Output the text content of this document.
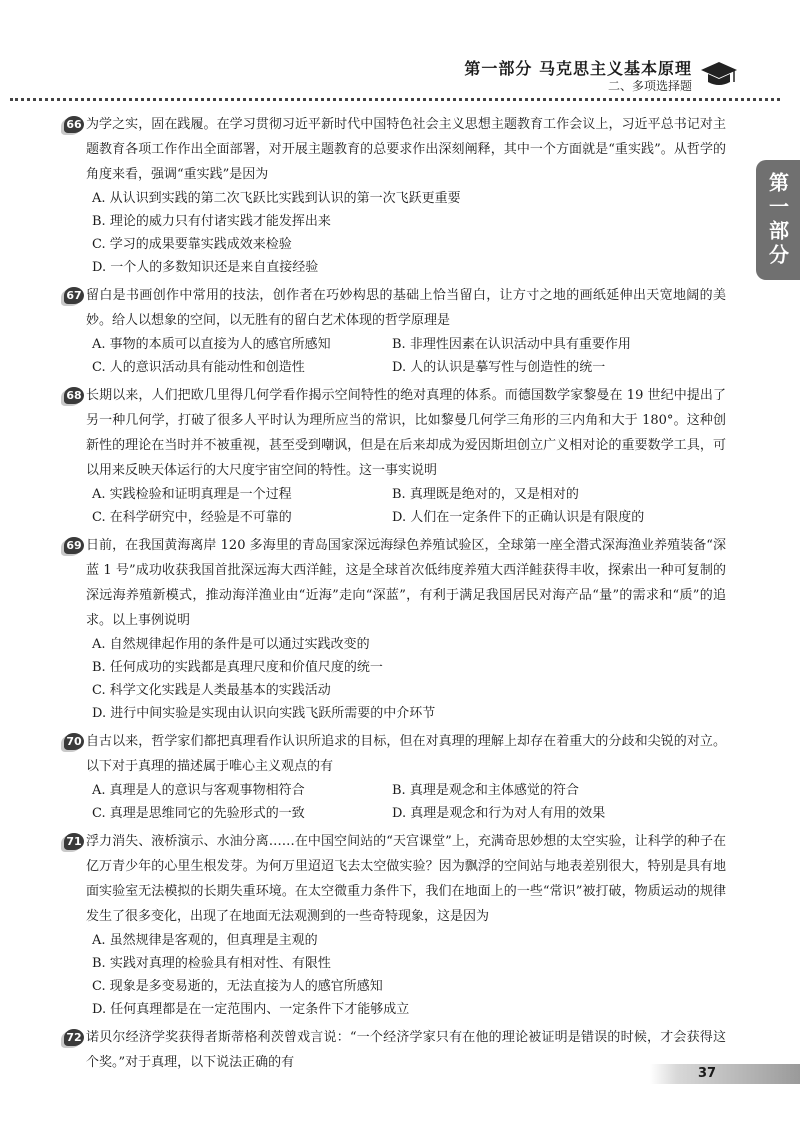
第一部分 马克思主义基本原理
二、多项选择题
第一部分
66 为学之实，固在践履。在学习贯彻习近平新时代中国特色社会主义思想主题教育工作会议上，习近平总书记对主题教育各项工作作出全面部署，对开展主题教育的总要求作出深刻阐释，其中一个方面就是“重实践”。从哲学的角度来看，强调“重实践”是因为

A. 从认识到实践的第二次飞跃比实践到认识的第一次飞跃更重要
B. 理论的威力只有付诸实践才能发挥出来
C. 学习的成果要靠实践成效来检验
D. 一个人的多数知识还是来自直接经验
67 留白是书画创作中常用的技法，创作者在巧妙构思的基础上恰当留白，让方寸之地的画纸延伸出天宽地阔的美妙。给人以想象的空间，以无胜有的留白艺术体现的哲学原理是

A. 事物的本质可以直接为人的感官所感知	B. 非理性因素在认识活动中具有重要作用
C. 人的意识活动具有能动性和创造性	D. 人的认识是摹写性与创造性的统一
68 长期以来，人们把欧几里得几何学看作揭示空间特性的绝对真理的体系。而德国数学家黎曼在 19 世纪中提出了另一种几何学，打破了很多人平时认为理所应当的常识，比如黎曼几何学三角形的三内角和大于 180°。这种创新性的理论在当时并不被重视，甚至受到嘲讽，但是在后来却成为爱因斯坦创立广义相对论的重要数学工具，可以用来反映天体运行的大尺度宇宙空间的特性。这一事实说明

A. 实践检验和证明真理是一个过程	B. 真理既是绝对的，又是相对的
C. 在科学研究中，经验是不可靠的	D. 人们在一定条件下的正确认识是有限度的
69 日前，在我国黄海离岸 120 多海里的青岛国家深远海绿色养殖试验区，全球第一座全潜式深海渔业养殖装备“深蓝 1 号”成功收获我国首批深远海大西洋鲑，这是全球首次低纬度养殖大西洋鲑获得丰收，探索出一种可复制的深远海养殖新模式，推动海洋渔业由“近海”走向“深蓝”，有利于满足我国居民对海产品“量”的需求和“质”的追求。以上事例说明

A. 自然规律起作用的条件是可以通过实践改变的
B. 任何成功的实践都是真理尺度和价值尺度的统一
C. 科学文化实践是人类最基本的实践活动
D. 进行中间实验是实现由认识向实践飞跃所需要的中介环节
70 自古以来，哲学家们都把真理看作认识所追求的目标，但在对真理的理解上却存在着重大的分歧和尖锐的对立。以下对于真理的描述属于唯心主义观点的有

A. 真理是人的意识与客观事物相符合	B. 真理是观念和主体感觉的符合
C. 真理是思维同它的先验形式的一致	D. 真理是观念和行为对人有用的效果
71 浮力消失、液桥演示、水油分离……在中国空间站的“天宫课堂”上，充满奇思妙想的太空实验，让科学的种子在亿万青少年的心里生根发芽。为何万里迢迢飞去太空做实验？因为飘浮的空间站与地表差别很大，特别是具有地面实验室无法模拟的长期失重环境。在太空微重力条件下，我们在地面上的一些“常识”被打破，物质运动的规律发生了很多变化，出现了在地面无法观测到的一些奇特现象，这是因为

A. 虽然规律是客观的，但真理是主观的
B. 实践对真理的检验具有相对性、有限性
C. 现象是多变易逝的，无法直接为人的感官所感知
D. 任何真理都是在一定范围内、一定条件下才能够成立
72 诺贝尔经济学奖获得者斯蒂格利茨曾戏言说：“一个经济学家只有在他的理论被证明是错误的时候，才会获得这个奖。”对于真理，以下说法正确的有

37
